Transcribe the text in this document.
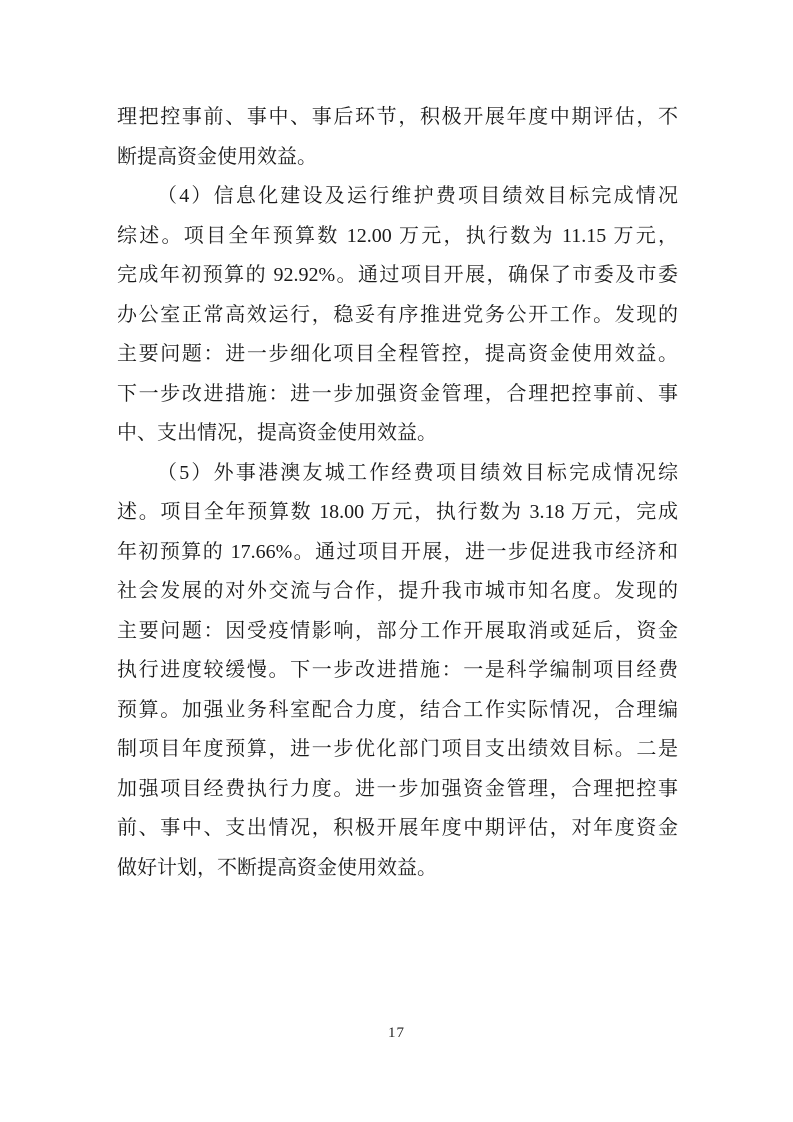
理把控事前、事中、事后环节，积极开展年度中期评估，不
断提高资金使用效益。
（4）信息化建设及运行维护费项目绩效目标完成情况
综述。项目全年预算数 12.00 万元，执行数为 11.15 万元，
完成年初预算的 92.92%。通过项目开展，确保了市委及市委
办公室正常高效运行，稳妥有序推进党务公开工作。发现的
主要问题：进一步细化项目全程管控，提高资金使用效益。
下一步改进措施：进一步加强资金管理，合理把控事前、事
中、支出情况，提高资金使用效益。
（5）外事港澳友城工作经费项目绩效目标完成情况综
述。项目全年预算数 18.00 万元，执行数为 3.18 万元，完成
年初预算的 17.66%。通过项目开展，进一步促进我市经济和
社会发展的对外交流与合作，提升我市城市知名度。发现的
主要问题：因受疫情影响，部分工作开展取消或延后，资金
执行进度较缓慢。下一步改进措施：一是科学编制项目经费
预算。加强业务科室配合力度，结合工作实际情况，合理编
制项目年度预算，进一步优化部门项目支出绩效目标。二是
加强项目经费执行力度。进一步加强资金管理，合理把控事
前、事中、支出情况，积极开展年度中期评估，对年度资金
做好计划，不断提高资金使用效益。
17
